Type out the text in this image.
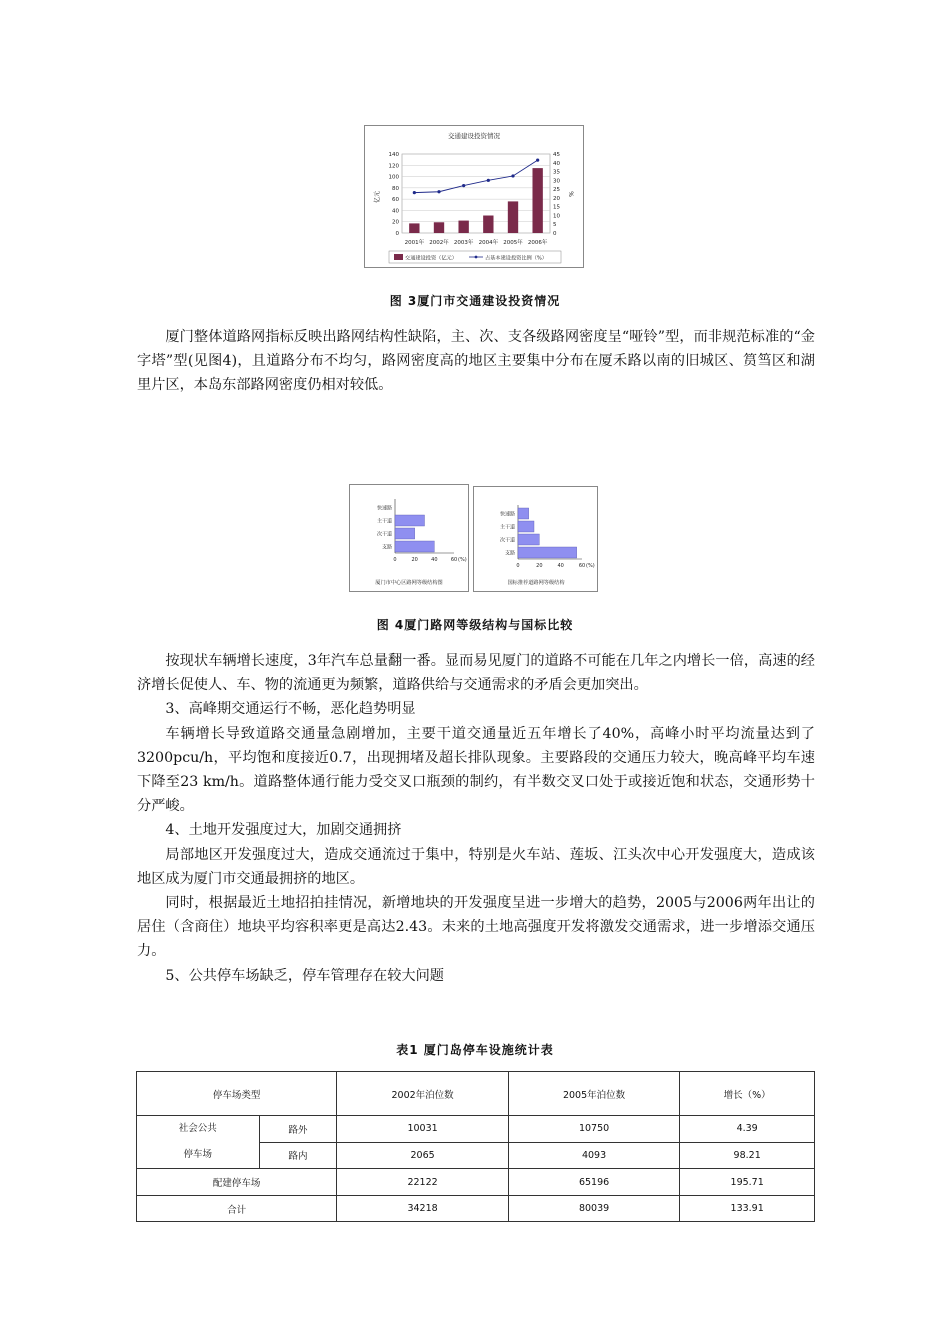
交通建设投资情况
0
20
40
60
80
100
120
140
0
5
10
15
20
25
30
35
40
45
亿元	%
2001年 2002年 2003年 2004年 2005年 2006年
交通建设投资（亿元）	占基本建设投资比例（%）
图 3厦门市交通建设投资情况

厦门整体道路网指标反映出路网结构性缺陷，主、次、支各级路网密度呈“哑铃”型，而非规范标准的“金字塔”型(见图4)，且道路分布不均匀，路网密度高的地区主要集中分布在厦禾路以南的旧城区、筼筜区和湖里片区，本岛东部路网密度仍相对较低。

快速路
主干道
次干道
支路
0	20	40	60 (%)
厦门市中心区路网等级结构图
快速路
主干道
次干道
支路
0	20	40	60 (%)
国标推荐道路网等级结构
图 4厦门路网等级结构与国标比较

按现状车辆增长速度，3年汽车总量翻一番。显而易见厦门的道路不可能在几年之内增长一倍，高速的经济增长促使人、车、物的流通更为频繁，道路供给与交通需求的矛盾会更加突出。

3、高峰期交通运行不畅，恶化趋势明显

车辆增长导致道路交通量急剧增加，主要干道交通量近五年增长了40%，高峰小时平均流量达到了3200pcu/h，平均饱和度接近0.7，出现拥堵及超长排队现象。主要路段的交通压力较大，晚高峰平均车速下降至23 km/h。道路整体通行能力受交叉口瓶颈的制约，有半数交叉口处于或接近饱和状态，交通形势十分严峻。

4、土地开发强度过大，加剧交通拥挤

局部地区开发强度过大，造成交通流过于集中，特别是火车站、莲坂、江头次中心开发强度大，造成该地区成为厦门市交通最拥挤的地区。

同时，根据最近土地招拍挂情况，新增地块的开发强度呈进一步增大的趋势，2005与2006两年出让的居住（含商住）地块平均容积率更是高达2.43。未来的土地高强度开发将激发交通需求，进一步增添交通压力。

5、公共停车场缺乏，停车管理存在较大问题

表1 厦门岛停车设施统计表
停车场类型		2002年泊位数	2005年泊位数	增长（%）

社会公共
停车场	路外	10031	10750	4.39
	路内	2065	4093	98.21
配建停车场		22122	65196	195.71
合计		34218	80039	133.91
